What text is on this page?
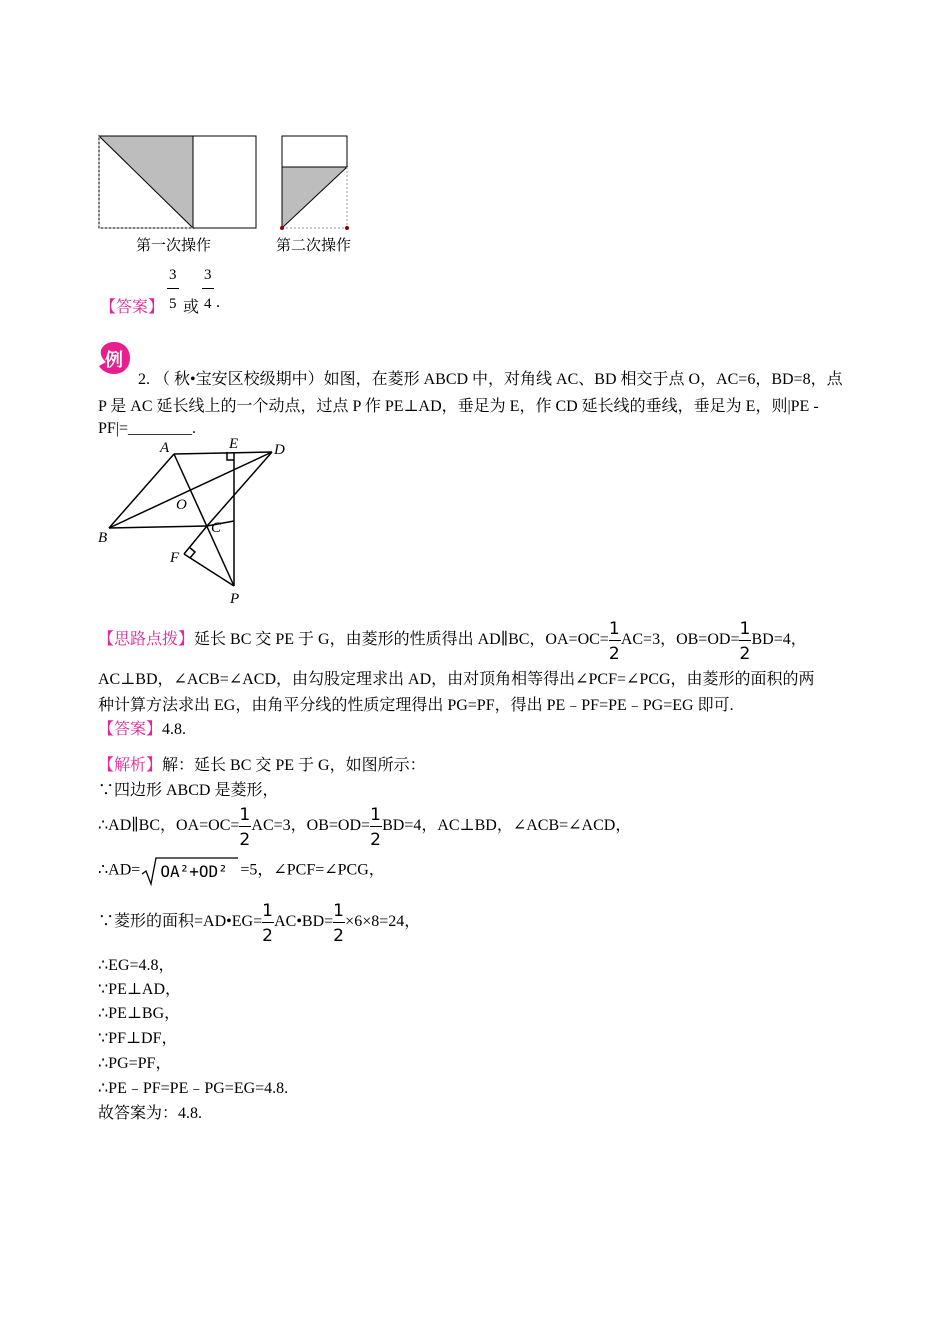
第一次操作	第二次操作
【答案】
3
5 或
3
4 .
例
2. （ 秋•宝安区校级期中）如图，在菱形 ABCD 中，对角线 AC、BD 相交于点 O，AC=6，BD=8，点
P 是 AC 延长线上的一个动点，过点 P 作 PE⊥AD，垂足为 E，作 CD 延长线的垂线，垂足为 E，则|PE -
PF|=________.
A	E D
O
B
C
F
P
【思路点拨】延长 BC 交 PE 于 G，由菱形的性质得出 AD∥BC，$OA=OC= \frac{1}{2} AC=3$，$OB=OD= \frac{1}{2} BD=4$，
AC⊥BD，∠ACB=∠ACD，由勾股定理求出 AD，由对顶角相等得出∠PCF=∠PCG，由菱形的面积的两
种计算方法求出 EG，由角平分线的性质定理得出 PG=PF，得出 PE﹣PF=PE﹣PG=EG 即可.
【答案】4.8.
【解析】解：延长 BC 交 PE 于 G，如图所示：
∵四边形 ABCD 是菱形，
∴AD∥BC，$OA=OC= \frac{1}{2} AC=3$，$OB=OD= \frac{1}{2} BD=4$，AC⊥BD，∠ACB=∠ACD，
∴AD= OA²+OD² =5，∠PCF=∠PCG，
∵菱形的面积=AD•EG= $\frac{1}{2}$ AC•BD= $\frac{1}{2} \times 6\times 8=24$，
∴EG=4.8，
∵PE⊥AD，
∴PE⊥BG，
∵PF⊥DF，
∴PG=PF，
∴PE﹣PF=PE﹣PG=EG=4.8.
故答案为：4.8.
